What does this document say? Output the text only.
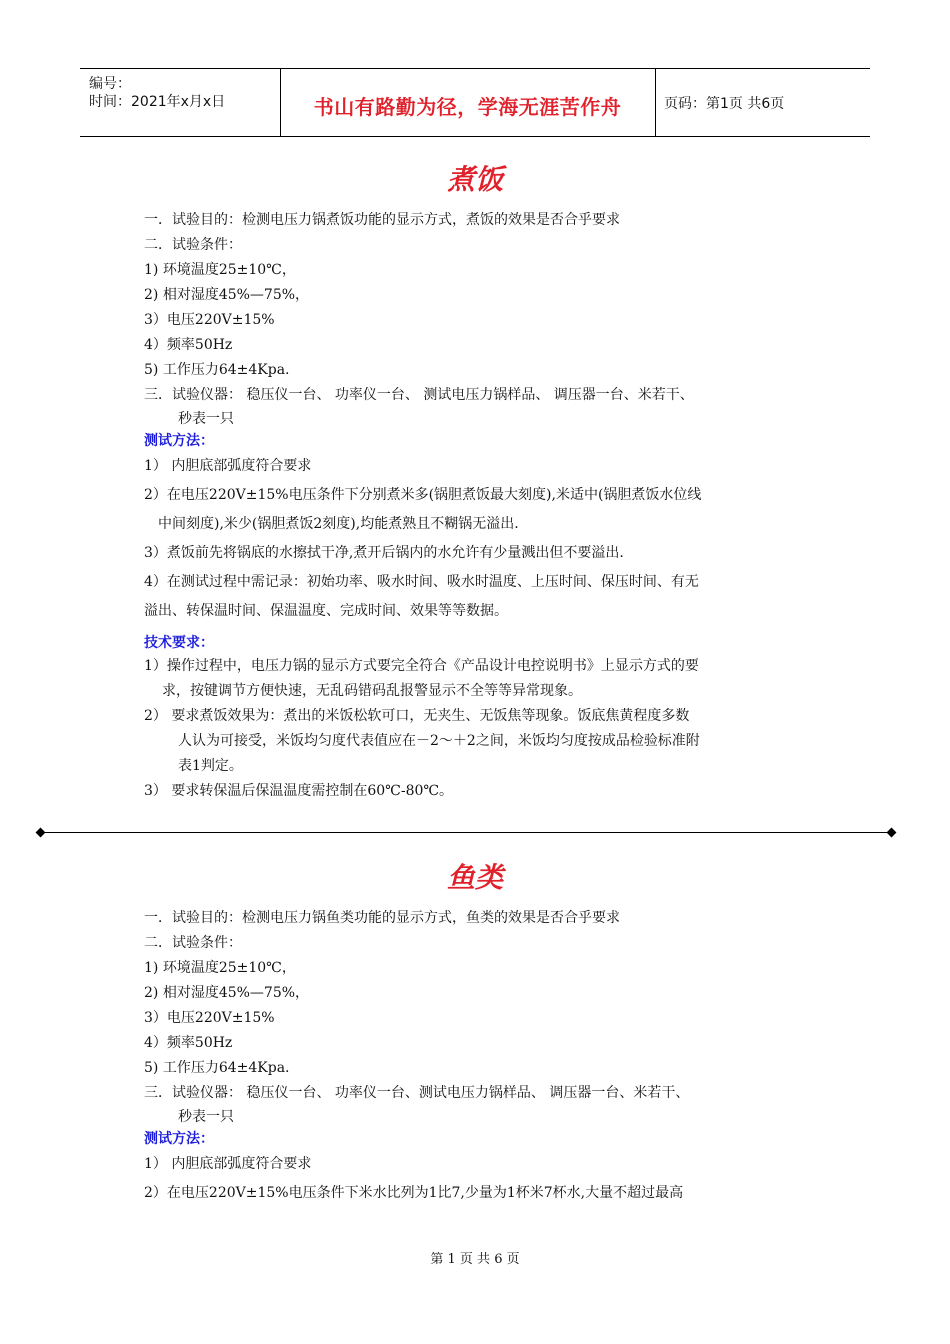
编号：
时间：2021年x月x日	书山有路勤为径，学海无涯苦作舟	页码：第1页 共6页
煮饭
一．试验目的：检测电压力锅煮饭功能的显示方式，煮饭的效果是否合乎要求
二．试验条件：
1) 环境温度25±10℃，
2) 相对湿度45%—75%，
3）电压220V±15%
4）频率50Hz
5) 工作压力64±4Kpa.
三．试验仪器： 稳压仪一台、 功率仪一台、 测试电压力锅样品、 调压器一台、米若干、
秒表一只
测试方法：
1） 内胆底部弧度符合要求
2）在电压220V±15%电压条件下分别煮米多(锅胆煮饭最大刻度),米适中(锅胆煮饭水位线
中间刻度),米少(锅胆煮饭2刻度),均能煮熟且不糊锅无溢出.
3）煮饭前先将锅底的水擦拭干净,煮开后锅内的水允许有少量溅出但不要溢出.
4）在测试过程中需记录：初始功率、吸水时间、吸水时温度、上压时间、保压时间、有无
溢出、转保温时间、保温温度、完成时间、效果等等数据。
技术要求：
1）操作过程中，电压力锅的显示方式要完全符合《产品设计电控说明书》上显示方式的要
求，按键调节方便快速，无乱码错码乱报警显示不全等等异常现象。
2） 要求煮饭效果为：煮出的米饭松软可口，无夹生、无饭焦等现象。饭底焦黄程度多数
人认为可接受，米饭均匀度代表值应在－2～＋2之间，米饭均匀度按成品检验标准附
表1判定。
3） 要求转保温后保温温度需控制在60℃-80℃。
鱼类
一．试验目的：检测电压力锅鱼类功能的显示方式，鱼类的效果是否合乎要求
二．试验条件：
1) 环境温度25±10℃，
2) 相对湿度45%—75%，
3）电压220V±15%
4）频率50Hz
5) 工作压力64±4Kpa.
三．试验仪器： 稳压仪一台、 功率仪一台、测试电压力锅样品、 调压器一台、米若干、
秒表一只
测试方法：
1） 内胆底部弧度符合要求
2）在电压220V±15%电压条件下米水比列为1比7,少量为1杯米7杯水,大量不超过最高
第 1 页 共 6 页
